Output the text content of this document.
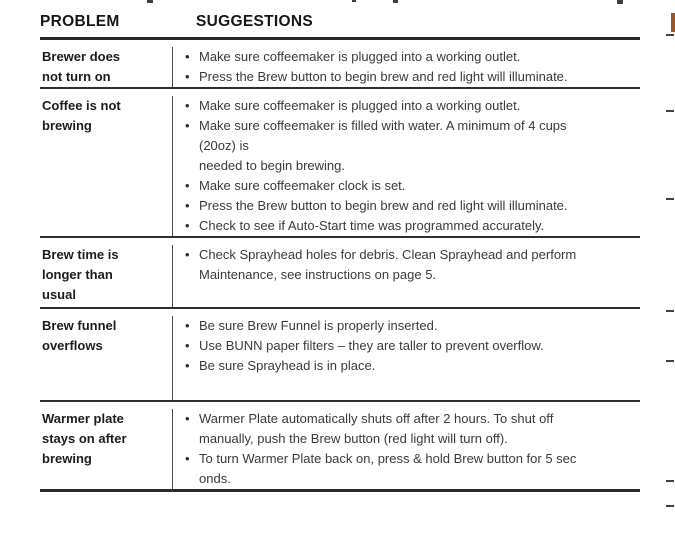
PROBLEM	SUGGESTIONS
Brewer does
not turn on
• Make sure coffeemaker is plugged into a working outlet.
• Press the Brew button to begin brew and red light will illuminate.
Coffee is not
brewing
• Make sure coffeemaker is plugged into a working outlet.
• Make sure coffeemaker is filled with water. A minimum of 4 cups
(20oz) is
needed to begin brewing.
• Make sure coffeemaker clock is set.
• Press the Brew button to begin brew and red light will illuminate.
• Check to see if Auto-Start time was programmed accurately.
Brew time is
longer than
usual
• Check Sprayhead holes for debris. Clean Sprayhead and perform
Maintenance, see instructions on page 5.
Brew funnel
overflows
• Be sure Brew Funnel is properly inserted.
• Use BUNN paper filters – they are taller to prevent overflow.
• Be sure Sprayhead is in place.
Warmer plate
stays on after
brewing
• Warmer Plate automatically shuts off after 2 hours. To shut off
manually, push the Brew button (red light will turn off).
• To turn Warmer Plate back on, press & hold Brew button for 5 sec
onds.
